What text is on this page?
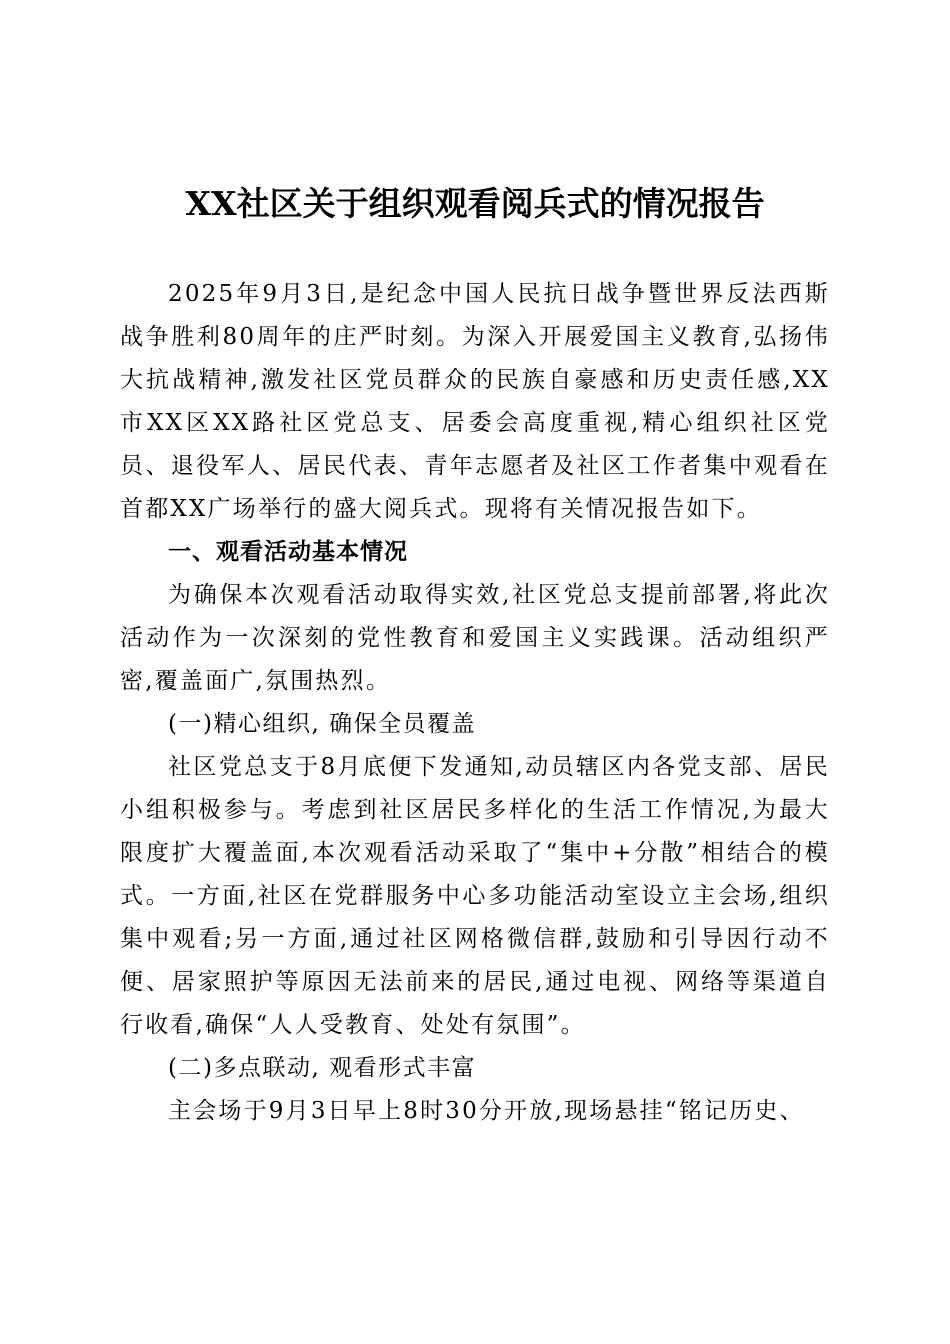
XX社区关于组织观看阅兵式的情况报告

2025年9月3日,是纪念中国人民抗日战争暨世界反法西斯战争胜利80周年的庄严时刻。为深入开展爱国主义教育,弘扬伟大抗战精神,激发社区党员群众的民族自豪感和历史责任感,XX市XX区XX路社区党总支、居委会高度重视,精心组织社区党员、退役军人、居民代表、青年志愿者及社区工作者集中观看在首都XX广场举行的盛大阅兵式。现将有关情况报告如下。

一、观看活动基本情况

为确保本次观看活动取得实效,社区党总支提前部署,将此次活动作为一次深刻的党性教育和爱国主义实践课。活动组织严密,覆盖面广,氛围热烈。

(一)精心组织, 确保全员覆盖

社区党总支于8月底便下发通知,动员辖区内各党支部、居民小组积极参与。考虑到社区居民多样化的生活工作情况,为最大限度扩大覆盖面,本次观看活动采取了“集中+分散”相结合的模式。一方面,社区在党群服务中心多功能活动室设立主会场,组织集中观看;另一方面,通过社区网格微信群,鼓励和引导因行动不便、居家照护等原因无法前来的居民,通过电视、网络等渠道自行收看,确保“人人受教育、处处有氛围”。

(二)多点联动, 观看形式丰富

主会场于9月3日早上8时30分开放,现场悬挂“铭记历史、
